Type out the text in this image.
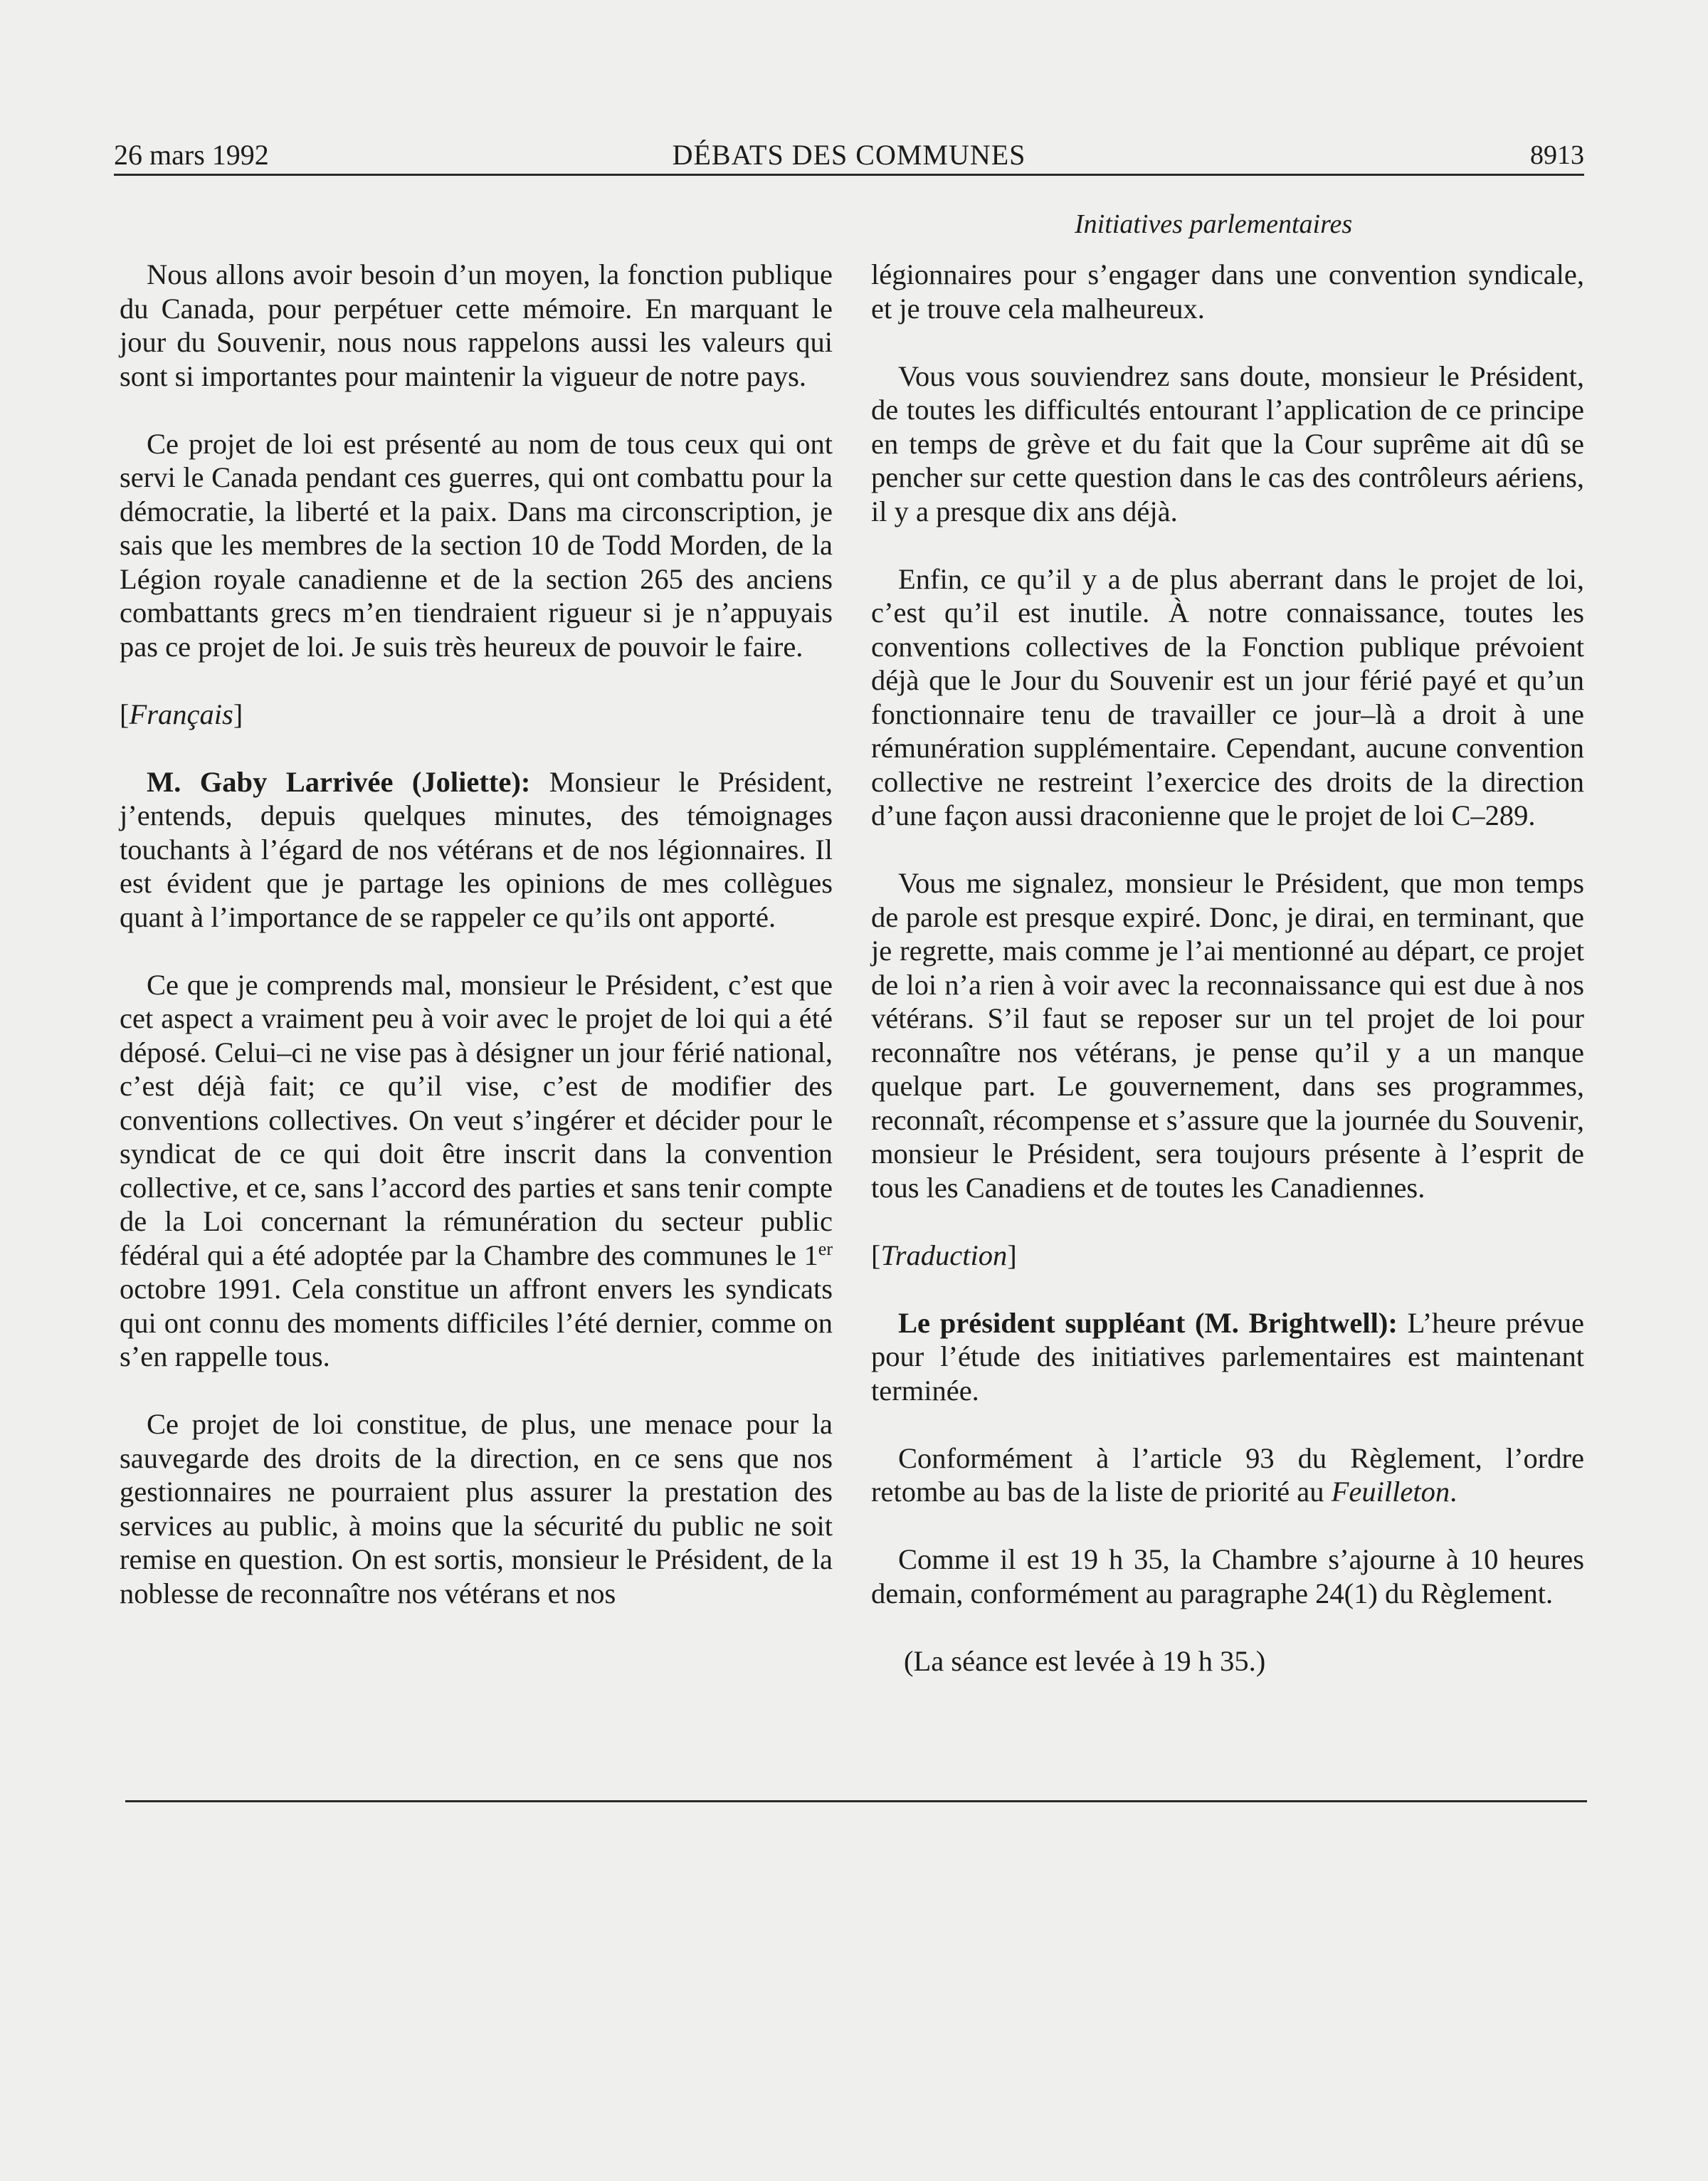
26 mars 1992	DÉBATS DES COMMUNES	8913
Initiatives parlementaires

Nous allons avoir besoin d’un moyen, la fonction publique du Canada, pour perpétuer cette mémoire. En marquant le jour du Souvenir, nous nous rappelons aussi les valeurs qui sont si importantes pour maintenir la vigueur de notre pays.

Ce projet de loi est présenté au nom de tous ceux qui ont servi le Canada pendant ces guerres, qui ont combattu pour la démocratie, la liberté et la paix. Dans ma circonscription, je sais que les membres de la section 10 de Todd Morden, de la Légion royale canadienne et de la section 265 des anciens combattants grecs m’en tiendraient rigueur si je n’appuyais pas ce projet de loi. Je suis très heureux de pouvoir le faire.

[Français]

M. Gaby Larrivée (Joliette): Monsieur le Président, j’entends, depuis quelques minutes, des témoignages touchants à l’égard de nos vétérans et de nos légionnaires. Il est évident que je partage les opinions de mes collègues quant à l’importance de se rappeler ce qu’ils ont apporté.

Ce que je comprends mal, monsieur le Président, c’est que cet aspect a vraiment peu à voir avec le projet de loi qui a été déposé. Celui–ci ne vise pas à désigner un jour férié national, c’est déjà fait; ce qu’il vise, c’est de modifier des conventions collectives. On veut s’ingérer et décider pour le syndicat de ce qui doit être inscrit dans la convention collective, et ce, sans l’accord des parties et sans tenir compte de la Loi concernant la rémunération du secteur public fédéral qui a été adoptée par la Chambre des communes le 1er octobre 1991. Cela constitue un affront envers les syndicats qui ont connu des moments difficiles l’été dernier, comme on s’en rappelle tous.

Ce projet de loi constitue, de plus, une menace pour la sauvegarde des droits de la direction, en ce sens que nos gestionnaires ne pourraient plus assurer la prestation des services au public, à moins que la sécurité du public ne soit remise en question. On est sortis, monsieur le Président, de la noblesse de reconnaître nos vétérans et nos

légionnaires pour s’engager dans une convention syndicale, et je trouve cela malheureux.

Vous vous souviendrez sans doute, monsieur le Président, de toutes les difficultés entourant l’application de ce principe en temps de grève et du fait que la Cour suprême ait dû se pencher sur cette question dans le cas des contrôleurs aériens, il y a presque dix ans déjà.

Enfin, ce qu’il y a de plus aberrant dans le projet de loi, c’est qu’il est inutile. À notre connaissance, toutes les conventions collectives de la Fonction publique prévoient déjà que le Jour du Souvenir est un jour férié payé et qu’un fonctionnaire tenu de travailler ce jour–là a droit à une rémunération supplémentaire. Cependant, aucune convention collective ne restreint l’exercice des droits de la direction d’une façon aussi draconienne que le projet de loi C–289.

Vous me signalez, monsieur le Président, que mon temps de parole est presque expiré. Donc, je dirai, en terminant, que je regrette, mais comme je l’ai mentionné au départ, ce projet de loi n’a rien à voir avec la reconnaissance qui est due à nos vétérans. S’il faut se reposer sur un tel projet de loi pour reconnaître nos vétérans, je pense qu’il y a un manque quelque part. Le gouvernement, dans ses programmes, reconnaît, récompense et s’assure que la journée du Souvenir, monsieur le Président, sera toujours présente à l’esprit de tous les Canadiens et de toutes les Canadiennes.

[Traduction]

Le président suppléant (M. Brightwell): L’heure prévue pour l’étude des initiatives parlementaires est maintenant terminée.

Conformément à l’article 93 du Règlement, l’ordre retombe au bas de la liste de priorité au Feuilleton.

Comme il est 19 h 35, la Chambre s’ajourne à 10 heures demain, conformément au paragraphe 24(1) du Règlement.

(La séance est levée à 19 h 35.)
